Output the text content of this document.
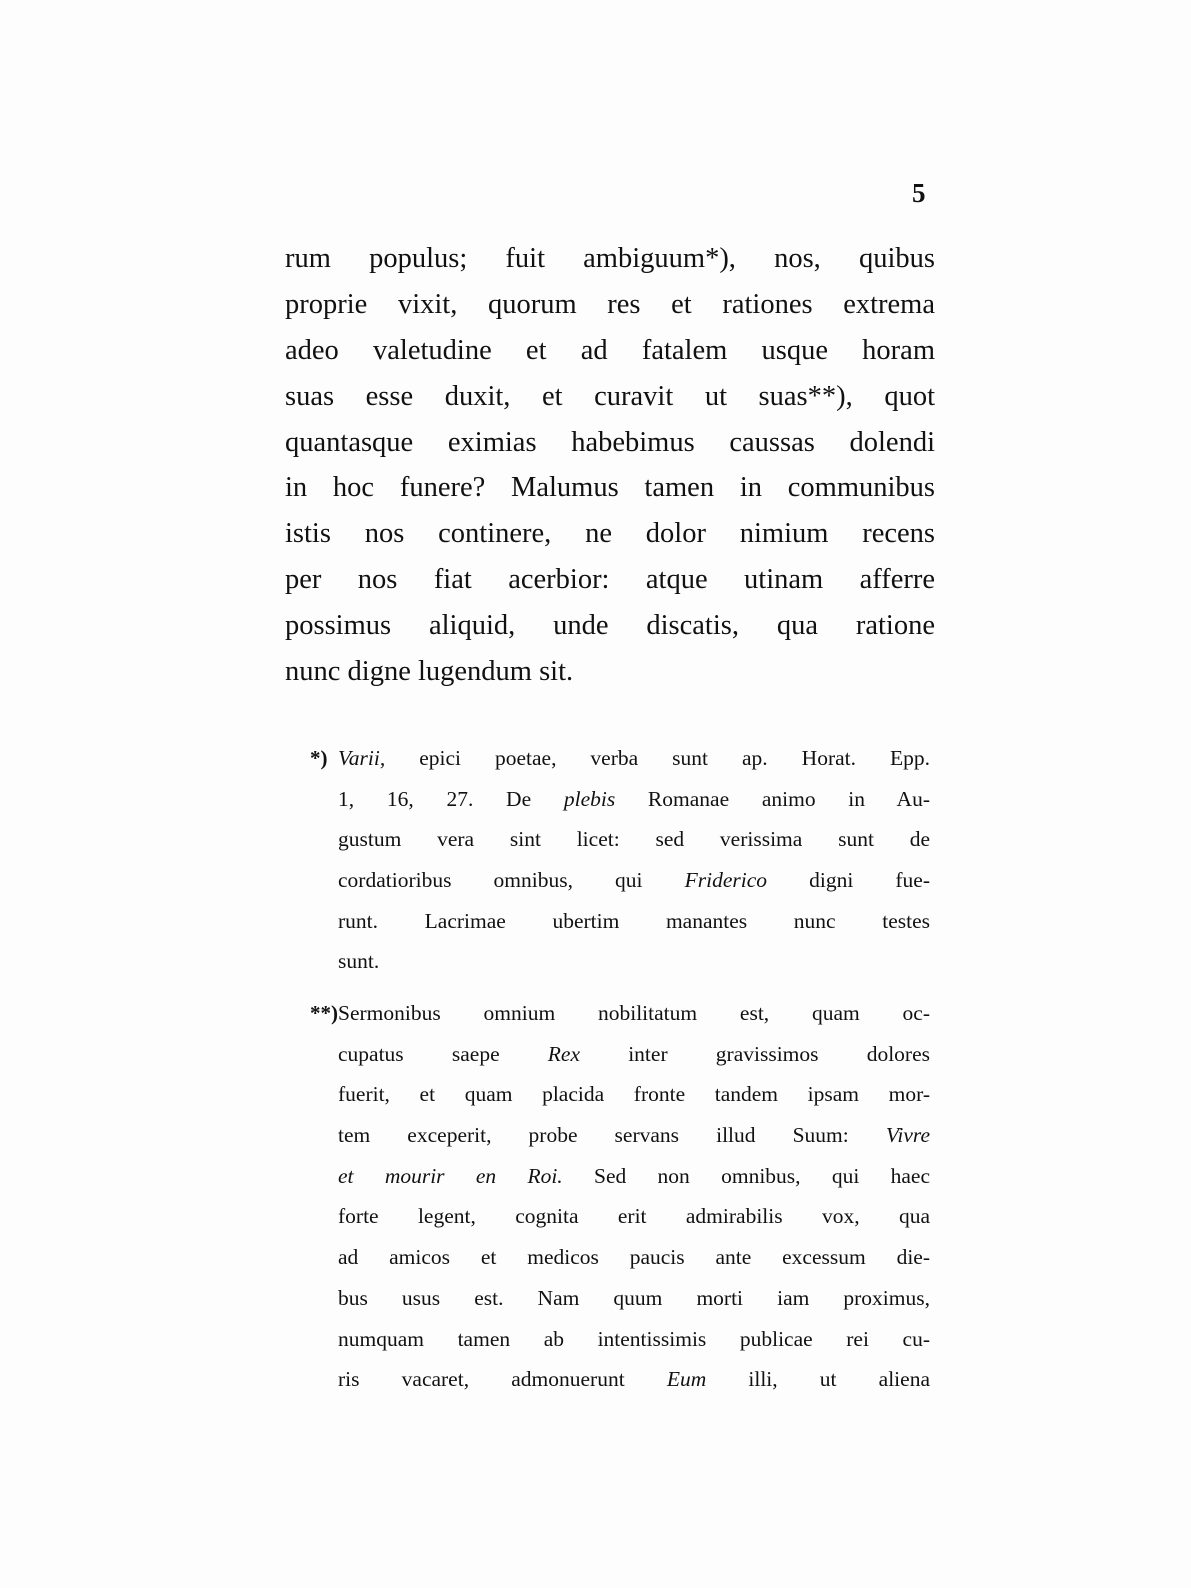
5
rum populus; fuit ambiguum*), nos, quibus
proprie vixit, quorum res et rationes extrema
adeo valetudine et ad fatalem usque horam
suas esse duxit, et curavit ut suas**), quot
quantasque eximias habebimus caussas dolendi
in hoc funere? Malumus tamen in communibus
istis nos continere, ne dolor nimium recens
per nos fiat acerbior: atque utinam afferre
possimus aliquid, unde discatis, qua ratione
nunc digne lugendum sit.
*) Varii, epici poetae, verba sunt ap. Horat. Epp.
1, 16, 27. De plebis Romanae animo in Au-
gustum vera sint licet: sed verissima sunt de
cordatioribus omnibus, qui Friderico digni fue-
runt. Lacrimae ubertim manantes nunc testes
sunt.
**) Sermonibus omnium nobilitatum est, quam oc-
cupatus saepe Rex inter gravissimos dolores
fuerit, et quam placida fronte tandem ipsam mor-
tem exceperit, probe servans illud Suum: Vivre
et mourir en Roi. Sed non omnibus, qui haec
forte legent, cognita erit admirabilis vox, qua
ad amicos et medicos paucis ante excessum die-
bus usus est. Nam quum morti iam proximus,
numquam tamen ab intentissimis publicae rei cu-
ris vacaret, admonuerunt Eum illi, ut aliena
